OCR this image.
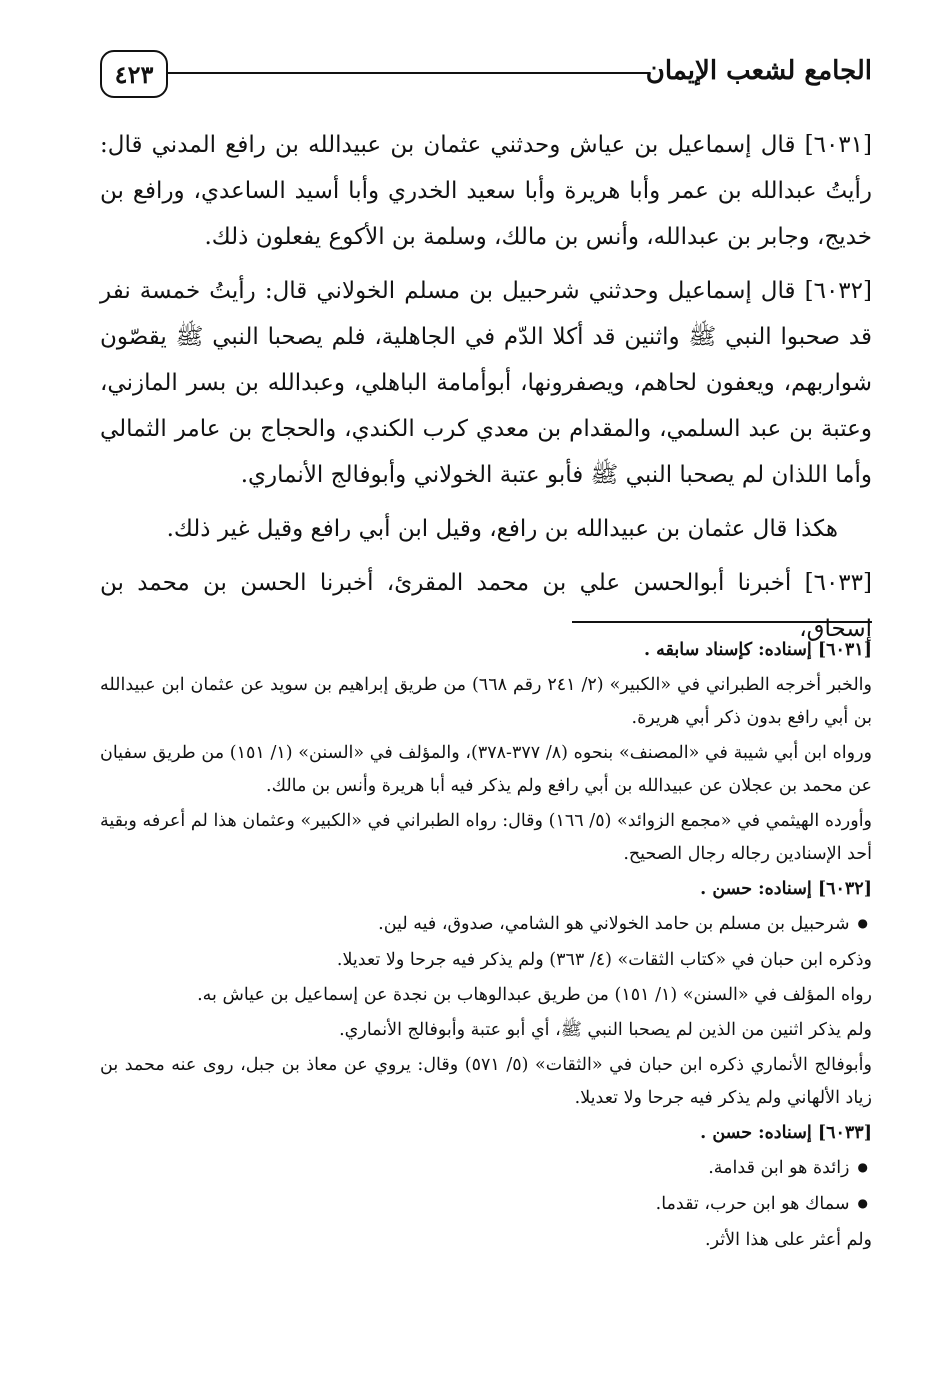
الجامع لشعب الإيمان
٤٢٣

[٦٠٣١] قال إسماعيل بن عياش وحدثني عثمان بن عبيدالله بن رافع المدني قال: رأيتُ عبدالله بن عمر وأبا هريرة وأبا سعيد الخدري وأبا أسيد الساعدي، ورافع بن خديج، وجابر بن عبدالله، وأنس بن مالك، وسلمة بن الأكوع يفعلون ذلك.

[٦٠٣٢] قال إسماعيل وحدثني شرحبيل بن مسلم الخولاني قال: رأيتُ خمسة نفر قد صحبوا النبي ﷺ واثنين قد أكلا الدّم في الجاهلية، فلم يصحبا النبي ﷺ يقصّون شواربهم، ويعفون لحاهم، ويصفرونها، أبوأمامة الباهلي، وعبدالله بن بسر المازني، وعتبة بن عبد السلمي، والمقدام بن معدي كرب الكندي، والحجاج بن عامر الثمالي وأما اللذان لم يصحبا النبي ﷺ فأبو عتبة الخولاني وأبوفالج الأنماري.

هكذا قال عثمان بن عبيدالله بن رافع، وقيل ابن أبي رافع وقيل غير ذلك.

[٦٠٣٣] أخبرنا أبوالحسن علي بن محمد المقرئ، أخبرنا الحسن بن محمد بن إسحاق،

[٦٠٣١] إسناده: كإسناد سابقه .

والخبر أخرجه الطبراني في «الكبير» (٢/ ٢٤١ رقم ٦٦٨) من طريق إبراهيم بن سويد عن عثمان ابن عبيدالله بن أبي رافع بدون ذكر أبي هريرة.

ورواه ابن أبي شيبة في «المصنف» بنحوه (٨/ ٣٧٧-٣٧٨)، والمؤلف في «السنن» (١/ ١٥١) من طريق سفيان عن محمد بن عجلان عن عبيدالله بن أبي رافع ولم يذكر فيه أبا هريرة وأنس بن مالك.

وأورده الهيثمي في «مجمع الزوائد» (٥/ ١٦٦) وقال: رواه الطبراني في «الكبير» وعثمان هذا لم أعرفه وبقية أحد الإسنادين رجاله رجال الصحيح.

[٦٠٣٢] إسناده: حسن .

● شرحبيل بن مسلم بن حامد الخولاني هو الشامي، صدوق، فيه لين.

وذكره ابن حبان في «كتاب الثقات» (٤/ ٣٦٣) ولم يذكر فيه جرحا ولا تعديلا.

رواه المؤلف في «السنن» (١/ ١٥١) من طريق عبدالوهاب بن نجدة عن إسماعيل بن عياش به.

ولم يذكر اثنين من الذين لم يصحبا النبي ﷺ، أي أبو عتبة وأبوفالج الأنماري.

وأبوفالج الأنماري ذكره ابن حبان في «الثقات» (٥/ ٥٧١) وقال: يروي عن معاذ بن جبل، روى عنه محمد بن زياد الألهاني ولم يذكر فيه جرحا ولا تعديلا.

[٦٠٣٣] إسناده: حسن .

● زائدة هو ابن قدامة.

● سماك هو ابن حرب، تقدما.

ولم أعثر على هذا الأثر.
